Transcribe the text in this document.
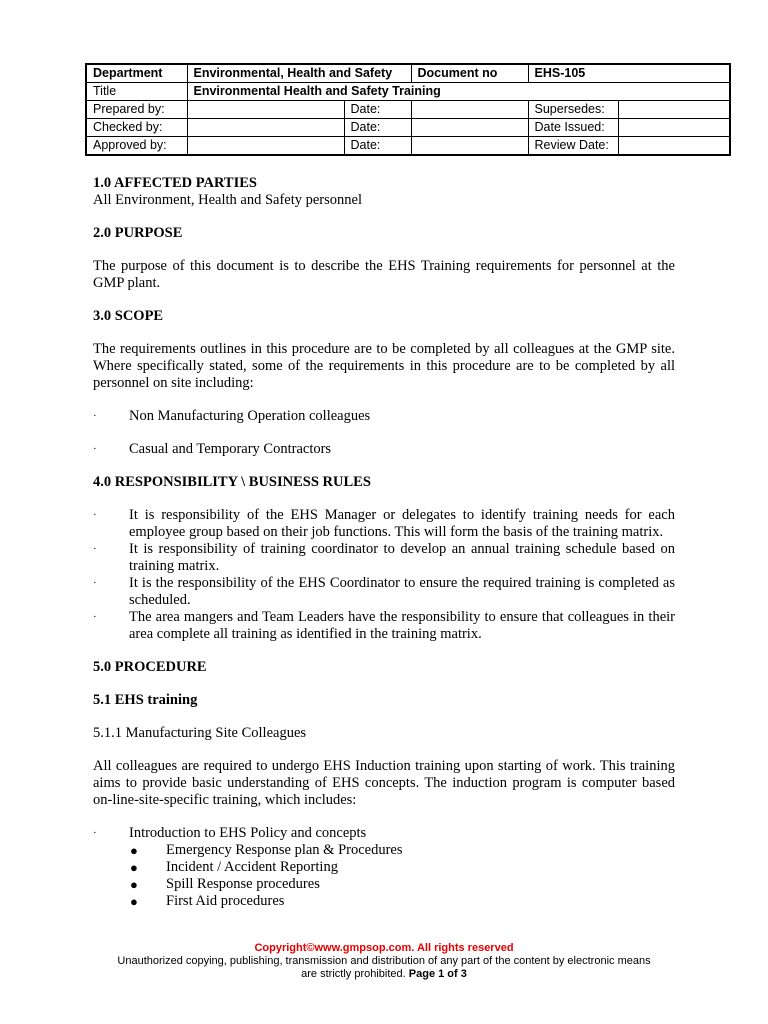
Department	Environmental, Health and Safety		Document no	EHS-105	
Title	Environmental Health and Safety Training				
Prepared by:		Date:		Supersedes:	
Checked by:		Date:		Date Issued:	
Approved by:		Date:		Review Date:	
1.0 AFFECTED PARTIES

All Environment, Health and Safety personnel

2.0 PURPOSE

The purpose of this document is to describe the EHS Training requirements for personnel at the GMP plant.

3.0 SCOPE

The requirements outlines in this procedure are to be completed by all colleagues at the GMP site. Where specifically stated, some of the requirements in this procedure are to be completed by all personnel on site including:

· Non Manufacturing Operation colleagues
· Casual and Temporary Contractors
4.0 RESPONSIBILITY \ BUSINESS RULES
· It is responsibility of the EHS Manager or delegates to identify training needs for each employee group based on their job functions. This will form the basis of the training matrix.
· It is responsibility of training coordinator to develop an annual training schedule based on training matrix.
· It is the responsibility of the EHS Coordinator to ensure the required training is completed as scheduled.
· The area mangers and Team Leaders have the responsibility to ensure that colleagues in their area complete all training as identified in the training matrix.
5.0 PROCEDURE
5.1 EHS training

5.1.1 Manufacturing Site Colleagues

All colleagues are required to undergo EHS Induction training upon starting of work. This training aims to provide basic understanding of EHS concepts. The induction program is computer based on-line-site-specific training, which includes:

· Introduction to EHS Policy and concepts
● Emergency Response plan & Procedures
● Incident / Accident Reporting
● Spill Response procedures
● First Aid procedures
Copyright©www.gmpsop.com. All rights reserved
Unauthorized copying, publishing, transmission and distribution of any part of the content by electronic means
are strictly prohibited. Page 1 of 3
